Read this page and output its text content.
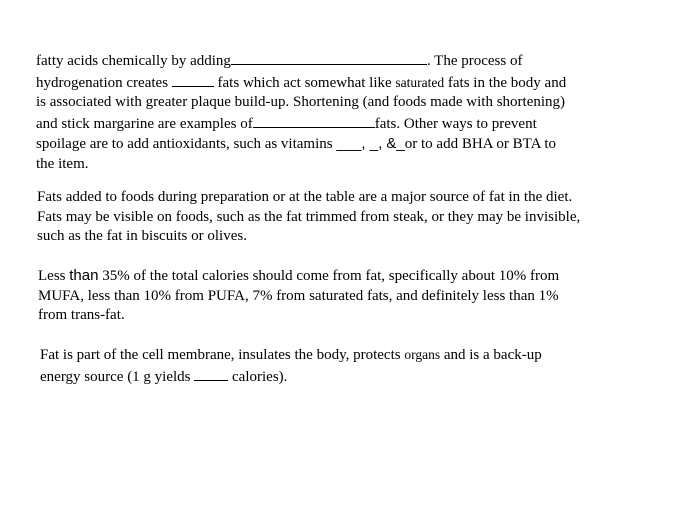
fatty acids chemically by adding	. The process of
hydrogenation creates	fats which act somewhat like saturated fats in the body and
is associated with greater plaque build-up. Shortening (and foods made with shortening)
and stick margarine are examples of	fats. Other ways to prevent
spoilage are to add antioxidants, such as vitamins ___, _, &_or to add BHA or BTA to
the item.
Fats added to foods during preparation or at the table are a major source of fat in the diet.
Fats may be visible on foods, such as the fat trimmed from steak, or they may be invisible,
such as the fat in biscuits or olives.
Less than 35% of the total calories should come from fat, specifically about 10% from
MUFA, less than 10% from PUFA, 7% from saturated fats, and definitely less than 1%
from trans-fat.
Fat is part of the cell membrane, insulates the body, protects organs and is a back-up
energy source (1 g yields  calories).
